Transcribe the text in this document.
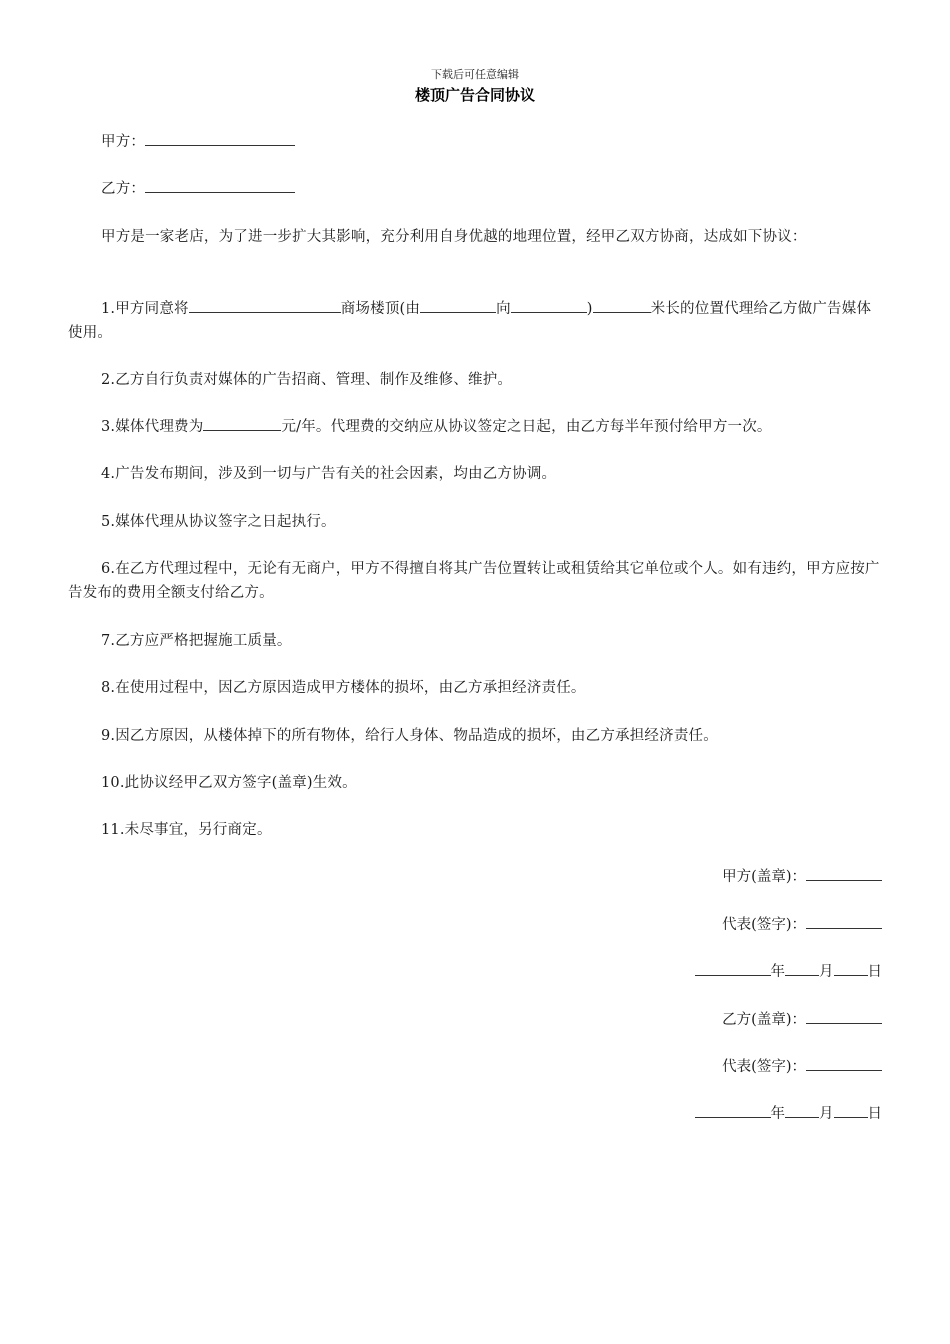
下载后可任意编辑
楼顶广告合同协议

甲方：

乙方：

甲方是一家老店，为了进一步扩大其影响，充分利用自身优越的地理位置，经甲乙双方协商，达成如下协议：

1.甲方同意将	商场楼顶(由	向	)	米长的位置代理给乙方做广告媒体使用。

2.乙方自行负责对媒体的广告招商、管理、制作及维修、维护。

3.媒体代理费为	元/年。代理费的交纳应从协议签定之日起，由乙方每半年预付给甲方一次。

4.广告发布期间，涉及到一切与广告有关的社会因素，均由乙方协调。

5.媒体代理从协议签字之日起执行。

6.在乙方代理过程中，无论有无商户，甲方不得擅自将其广告位置转让或租赁给其它单位或个人。如有违约，甲方应按广告发布的费用全额支付给乙方。

7.乙方应严格把握施工质量。

8.在使用过程中，因乙方原因造成甲方楼体的损坏，由乙方承担经济责任。

9.因乙方原因，从楼体掉下的所有物体，给行人身体、物品造成的损坏，由乙方承担经济责任。

10.此协议经甲乙双方签字(盖章)生效。

11.未尽事宜，另行商定。

甲方(盖章)：
代表(签字)：
年 月 日
乙方(盖章)：
代表(签字)：
年 月 日
